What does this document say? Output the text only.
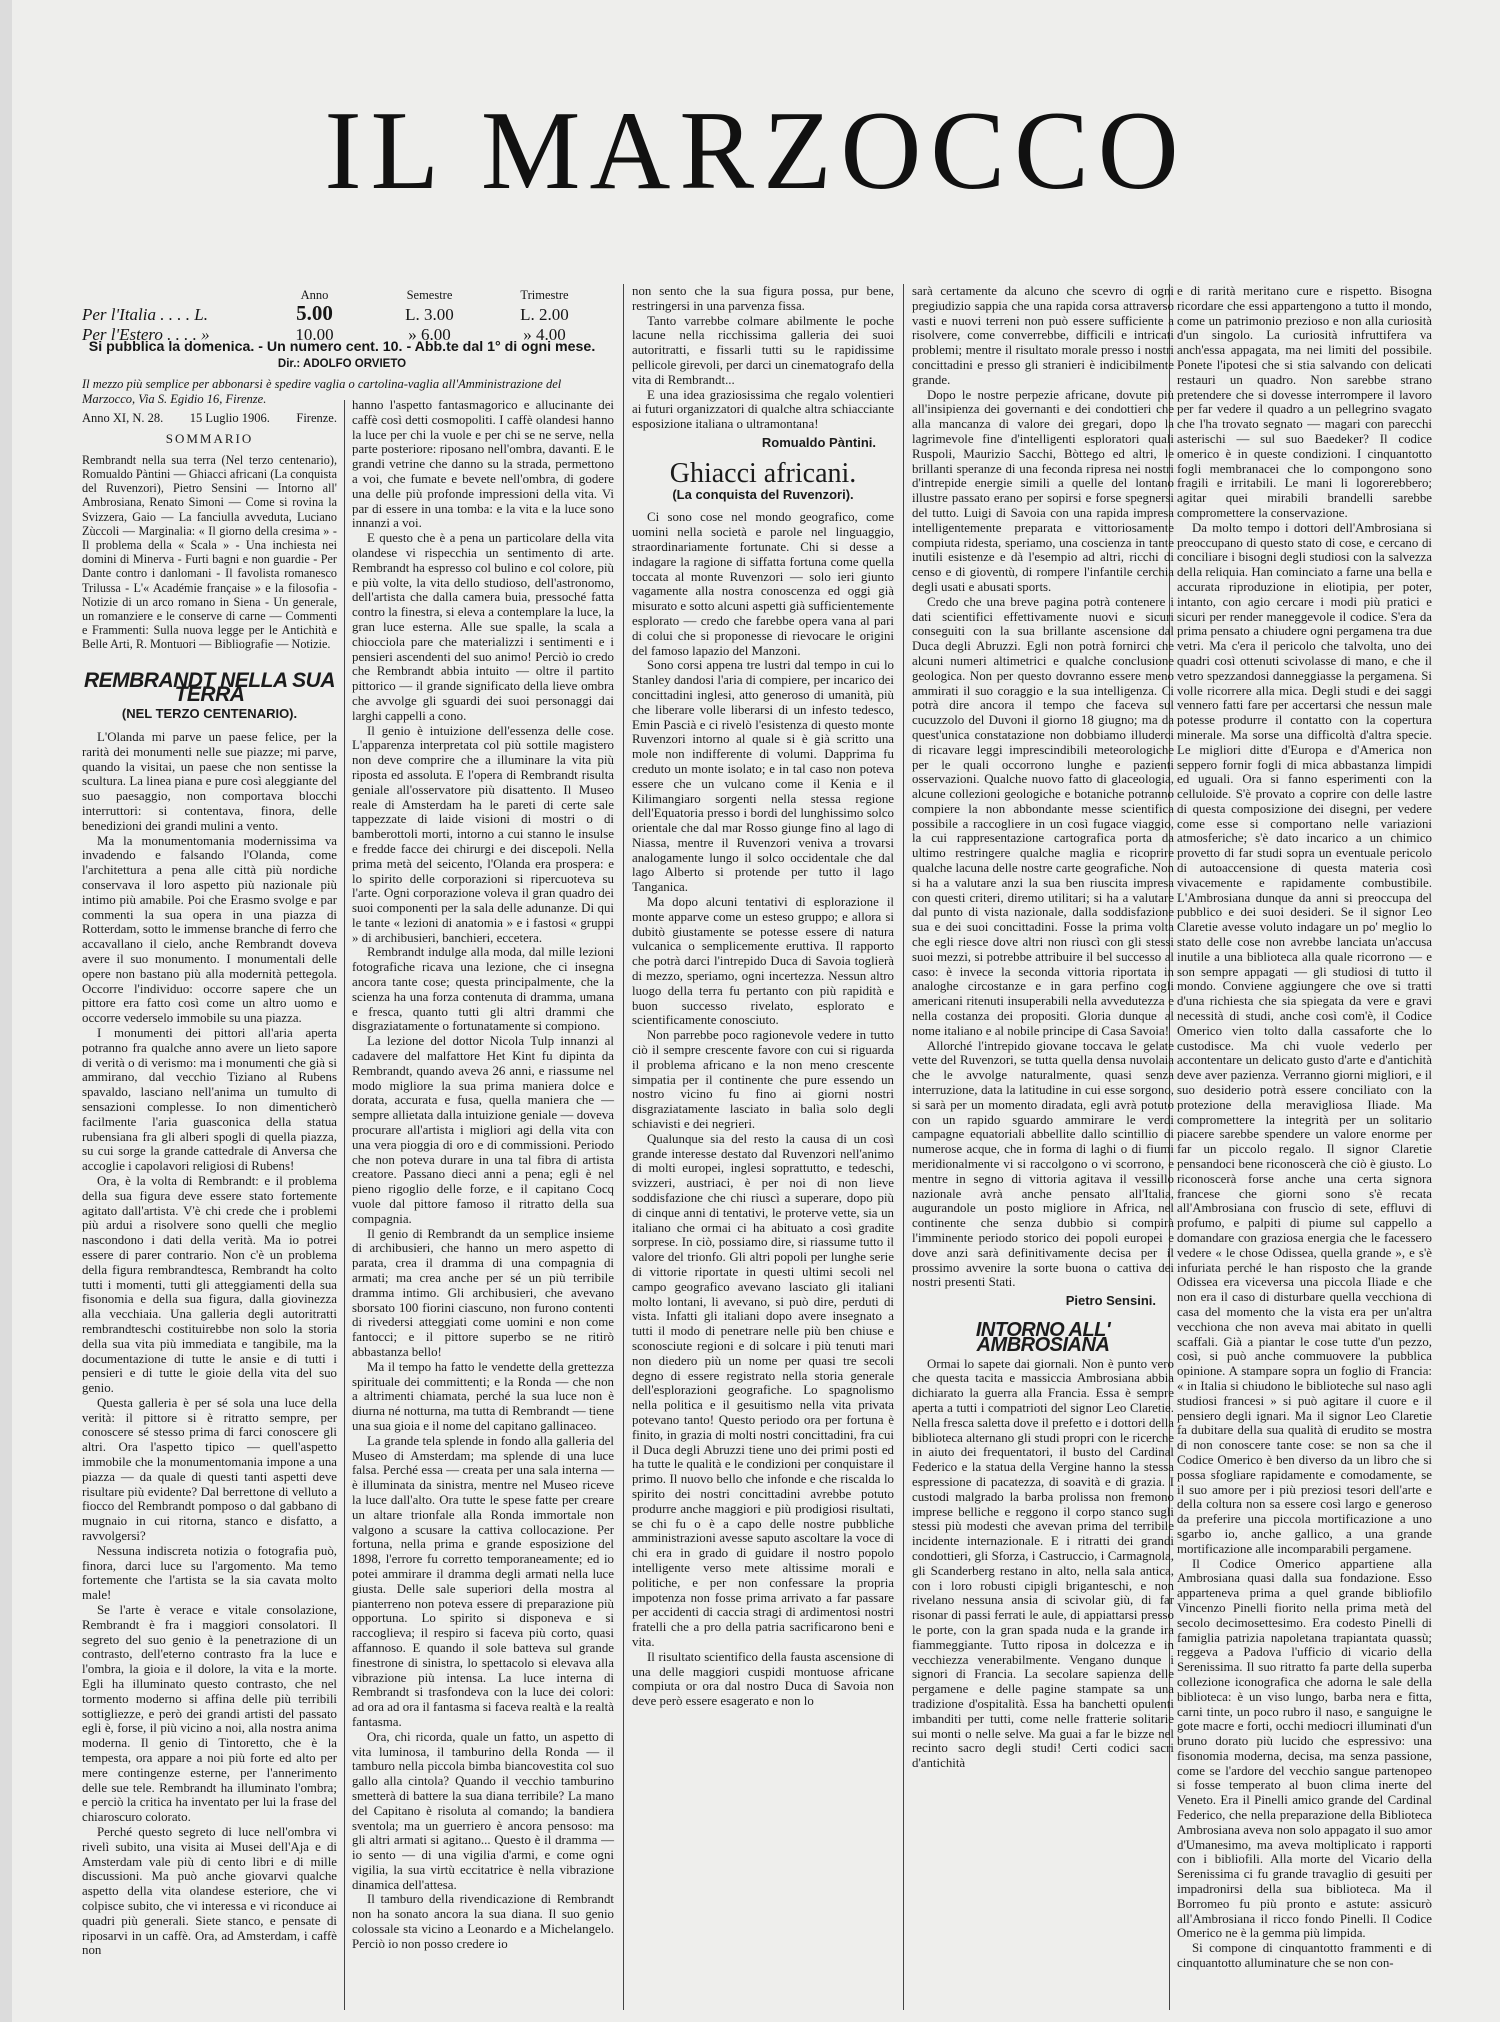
IL MARZOCCO
Anno	Semestre	Trimestre
Per l'Italia . . . . L.	5.00	L. 3.00	L. 2.00
Per l'Estero . . . . »	10.00	» 6.00	» 4.00
Si pubblica la domenica. - Un numero cent. 10. - Abb.te dal 1° di ogni mese.
Dir.: ADOLFO ORVIETO
Il mezzo più semplice per abbonarsi è spedire vaglia o cartolina-vaglia all'Amministrazione del Marzocco, Via S. Egidio 16, Firenze.
Anno XI, N. 28. 15 Luglio 1906. Firenze.
SOMMARIO
Rembrandt nella sua terra (Nel terzo centenario), Romualdo Pàntini — Ghiacci africani (La conquista del Ruvenzori), Pietro Sensini — Intorno all' Ambrosiana, Renato Simoni — Come si rovina la Svizzera, Gaio — La fanciulla avveduta, Luciano Zùccoli — Marginalia: « Il giorno della cresima » - Il problema della « Scala » - Una inchiesta nei domini di Minerva - Furti bagni e non guardie - Per Dante contro i danlomani - Il favolista romanesco Trilussa - L'« Académie française » e la filosofia - Notizie di un arco romano in Siena - Un generale, un romanziere e le conserve di carne — Commenti e Frammenti: Sulla nuova legge per le Antichità e Belle Arti, R. Montuori — Bibliografie — Notizie.
REMBRANDT NELLA SUA TERRA
(NEL TERZO CENTENARIO).

L'Olanda mi parve un paese felice, per la rarità dei monumenti nelle sue piazze; mi parve, quando la visitai, un paese che non sentisse la scultura. La linea piana e pure così aleggiante del suo paesaggio, non comportava blocchi interruttori: si contentava, finora, delle benedizioni dei grandi mulini a vento.

Ma la monumentomania modernissima va invadendo e falsando l'Olanda, come l'architettura a pena alle città più nordiche conservava il loro aspetto più nazionale più intimo più amabile. Poi che Erasmo svolge e par commenti la sua opera in una piazza di Rotterdam, sotto le immense branche di ferro che accavallano il cielo, anche Rembrandt doveva avere il suo monumento. I monumentali delle opere non bastano più alla modernità pettegola. Occorre l'individuo: occorre sapere che un pittore era fatto così come un altro uomo e occorre vederselo immobile su una piazza.

I monumenti dei pittori all'aria aperta potranno fra qualche anno avere un lieto sapore di verità o di verismo: ma i monumenti che già si ammirano, dal vecchio Tiziano al Rubens spavaldo, lasciano nell'anima un tumulto di sensazioni complesse. Io non dimenticherò facilmente l'aria guasconica della statua rubensiana fra gli alberi spogli di quella piazza, su cui sorge la grande cattedrale di Anversa che accoglie i capolavori religiosi di Rubens!

Ora, è la volta di Rembrandt: e il problema della sua figura deve essere stato fortemente agitato dall'artista. V'è chi crede che i problemi più ardui a risolvere sono quelli che meglio nascondono i dati della verità. Ma io potrei essere di parer contrario. Non c'è un problema della figura rembrandtesca, Rembrandt ha colto tutti i momenti, tutti gli atteggiamenti della sua fisonomia e della sua figura, dalla giovinezza alla vecchiaia. Una galleria degli autoritratti rembrandteschi costituirebbe non solo la storia della sua vita più immediata e tangibile, ma la documentazione di tutte le ansie e di tutti i pensieri e di tutte le gioie della vita del suo genio.

Questa galleria è per sé sola una luce della verità: il pittore si è ritratto sempre, per conoscere sé stesso prima di farci conoscere gli altri. Ora l'aspetto tipico — quell'aspetto immobile che la monumentomania impone a una piazza — da quale di questi tanti aspetti deve risultare più evidente? Dal berrettone di velluto a fiocco del Rembrandt pomposo o dal gabbano di mugnaio in cui ritorna, stanco e disfatto, a ravvolgersi?

Nessuna indiscreta notizia o fotografia può, finora, darci luce su l'argomento. Ma temo fortemente che l'artista se la sia cavata molto male!

Se l'arte è verace e vitale consolazione, Rembrandt è fra i maggiori consolatori. Il segreto del suo genio è la penetrazione di un contrasto, dell'eterno contrasto fra la luce e l'ombra, la gioia e il dolore, la vita e la morte. Egli ha illuminato questo contrasto, che nel tormento moderno si affina delle più terribili sottigliezze, e però dei grandi artisti del passato egli è, forse, il più vicino a noi, alla nostra anima moderna. Il genio di Tintoretto, che è la tempesta, ora appare a noi più forte ed alto per mere contingenze esterne, per l'annerimento delle sue tele. Rembrandt ha illuminato l'ombra; e perciò la critica ha inventato per lui la frase del chiaroscuro colorato.

Perché questo segreto di luce nell'ombra vi rivelì subito, una visita ai Musei dell'Aja e di Amsterdam vale più di cento libri e di mille discussioni. Ma può anche giovarvi qualche aspetto della vita olandese esteriore, che vi colpisce subito, che vi interessa e vi riconduce ai quadri più generali. Siete stanco, e pensate di riposarvi in un caffè. Ora, ad Amsterdam, i caffè non

hanno l'aspetto fantasmagorico e allucinante dei caffè così detti cosmopoliti. I caffè olandesi hanno la luce per chi la vuole e per chi se ne serve, nella parte posteriore: riposano nell'ombra, davanti. E le grandi vetrine che danno su la strada, permettono a voi, che fumate e bevete nell'ombra, di godere una delle più profonde impressioni della vita. Vi par di essere in una tomba: e la vita e la luce sono innanzi a voi.

E questo che è a pena un particolare della vita olandese vi rispecchia un sentimento di arte. Rembrandt ha espresso col bulino e col colore, più e più volte, la vita dello studioso, dell'astronomo, dell'artista che dalla camera buia, pressoché fatta contro la finestra, si eleva a contemplare la luce, la gran luce esterna. Alle sue spalle, la scala a chiocciola pare che materializzi i sentimenti e i pensieri ascendenti del suo animo! Perciò io credo che Rembrandt abbia intuito — oltre il partito pittorico — il grande significato della lieve ombra che avvolge gli sguardi dei suoi personaggi dai larghi cappelli a cono.

Il genio è intuizione dell'essenza delle cose. L'apparenza interpretata col più sottile magistero non deve comprire che a illuminare la vita più riposta ed assoluta. E l'opera di Rembrandt risulta geniale all'osservatore più disattento. Il Museo reale di Amsterdam ha le pareti di certe sale tappezzate di laide visioni di mostri o di bamberottoli morti, intorno a cui stanno le insulse e fredde facce dei chirurgi e dei discepoli. Nella prima metà del seicento, l'Olanda era prospera: e lo spirito delle corporazioni si ripercuoteva su l'arte. Ogni corporazione voleva il gran quadro dei suoi componenti per la sala delle adunanze. Di qui le tante « lezioni di anatomia » e i fastosi « gruppi » di archibusieri, banchieri, eccetera.

Rembrandt indulge alla moda, dal mille lezioni fotografiche ricava una lezione, che ci insegna ancora tante cose; questa principalmente, che la scienza ha una forza contenuta di dramma, umana e fresca, quanto tutti gli altri drammi che disgraziatamente o fortunatamente si compiono.

La lezione del dottor Nicola Tulp innanzi al cadavere del malfattore Het Kint fu dipinta da Rembrandt, quando aveva 26 anni, e riassume nel modo migliore la sua prima maniera dolce e dorata, accurata e fusa, quella maniera che — sempre allietata dalla intuizione geniale — doveva procurare all'artista i migliori agi della vita con una vera pioggia di oro e di commissioni. Periodo che non poteva durare in una tal fibra di artista creatore. Passano dieci anni a pena; egli è nel pieno rigoglio delle forze, e il capitano Cocq vuole dal pittore famoso il ritratto della sua compagnia.

Il genio di Rembrandt da un semplice insieme di archibusieri, che hanno un mero aspetto di parata, crea il dramma di una compagnia di armati; ma crea anche per sé un più terribile dramma intimo. Gli archibusieri, che avevano sborsato 100 fiorini ciascuno, non furono contenti di rivedersi atteggiati come uomini e non come fantocci; e il pittore superbo se ne ritirò abbastanza bello!

Ma il tempo ha fatto le vendette della grettezza spirituale dei committenti; e la Ronda — che non a altrimenti chiamata, perché la sua luce non è diurna né notturna, ma tutta di Rembrandt — tiene una sua gioia e il nome del capitano gallinaceo.

La grande tela splende in fondo alla galleria del Museo di Amsterdam; ma splende di una luce falsa. Perché essa — creata per una sala interna — è illuminata da sinistra, mentre nel Museo riceve la luce dall'alto. Ora tutte le spese fatte per creare un altare trionfale alla Ronda immortale non valgono a scusare la cattiva collocazione. Per fortuna, nella prima e grande esposizione del 1898, l'errore fu corretto temporaneamente; ed io potei ammirare il dramma degli armati nella luce giusta. Delle sale superiori della mostra al pianterreno non poteva essere di preparazione più opportuna. Lo spirito si disponeva e si raccoglieva; il respiro si faceva più corto, quasi affannoso. E quando il sole batteva sul grande finestrone di sinistra, lo spettacolo si elevava alla vibrazione più intensa. La luce interna di Rembrandt si trasfondeva con la luce dei colori: ad ora ad ora il fantasma si faceva realtà e la realtà fantasma.

Ora, chi ricorda, quale un fatto, un aspetto di vita luminosa, il tamburino della Ronda — il tamburo nella piccola bimba biancovestita col suo gallo alla cintola? Quando il vecchio tamburino smetterà di battere la sua diana terribile? La mano del Capitano è risoluta al comando; la bandiera sventola; ma un guerriero è ancora pensoso: ma gli altri armati si agitano... Questo è il dramma — io sento — di una vigilia d'armi, e come ogni vigilia, la sua virtù eccitatrice è nella vibrazione dinamica dell'attesa.

Il tamburo della rivendicazione di Rembrandt non ha sonato ancora la sua diana. Il suo genio colossale sta vicino a Leonardo e a Michelangelo. Perciò io non posso credere io

non sento che la sua figura possa, pur bene, restringersi in una parvenza fissa.

Tanto varrebbe colmare abilmente le poche lacune nella ricchissima galleria dei suoi autoritratti, e fissarli tutti su le rapidissime pellicole girevoli, per darci un cinematografo della vita di Rembrandt...

E una idea graziosissima che regalo volentieri ai futuri organizzatori di qualche altra schiacciante esposizione italiana o ultramontana!

Romualdo Pàntini.
Ghiacci africani.
(La conquista del Ruvenzori).

Ci sono cose nel mondo geografico, come uomini nella società e parole nel linguaggio, straordinariamente fortunate. Chi si desse a indagare la ragione di siffatta fortuna come quella toccata al monte Ruvenzori — solo ieri giunto vagamente alla nostra conoscenza ed oggi già misurato e sotto alcuni aspetti già sufficientemente esplorato — credo che farebbe opera vana al pari di colui che si proponesse di rievocare le origini del famoso lapazio del Manzoni.

Sono corsi appena tre lustri dal tempo in cui lo Stanley dandosi l'aria di compiere, per incarico dei concittadini inglesi, atto generoso di umanità, più che liberare volle liberarsi di un infesto tedesco, Emin Pascià e ci rivelò l'esistenza di questo monte Ruvenzori intorno al quale si è già scritto una mole non indifferente di volumi. Dapprima fu creduto un monte isolato; e in tal caso non poteva essere che un vulcano come il Kenia e il Kilimangiaro sorgenti nella stessa regione dell'Equatoria presso i bordi del lunghissimo solco orientale che dal mar Rosso giunge fino al lago di Niassa, mentre il Ruvenzori veniva a trovarsi analogamente lungo il solco occidentale che dal lago Alberto si protende per tutto il lago Tanganica.

Ma dopo alcuni tentativi di esplorazione il monte apparve come un esteso gruppo; e allora si dubitò giustamente se potesse essere di natura vulcanica o semplicemente eruttiva. Il rapporto che potrà darci l'intrepido Duca di Savoia toglierà di mezzo, speriamo, ogni incertezza. Nessun altro luogo della terra fu pertanto con più rapidità e buon successo rivelato, esplorato e scientificamente conosciuto.

Non parrebbe poco ragionevole vedere in tutto ciò il sempre crescente favore con cui si riguarda il problema africano e la non meno crescente simpatia per il continente che pure essendo un nostro vicino fu fino ai giorni nostri disgraziatamente lasciato in balìa solo degli schiavisti e dei negrieri.

Qualunque sia del resto la causa di un così grande interesse destato dal Ruvenzori nell'animo di molti europei, inglesi soprattutto, e tedeschi, svizzeri, austriaci, è per noi di non lieve soddisfazione che chi riuscì a superare, dopo più di cinque anni di tentativi, le proterve vette, sia un italiano che ormai ci ha abituato a così gradite sorprese. In ciò, possiamo dire, si riassume tutto il valore del trionfo. Gli altri popoli per lunghe serie di vittorie riportate in questi ultimi secoli nel campo geografico avevano lasciato gli italiani molto lontani, li avevano, si può dire, perduti di vista. Infatti gli italiani dopo avere insegnato a tutti il modo di penetrare nelle più ben chiuse e sconosciute regioni e di solcare i più tenuti mari non diedero più un nome per quasi tre secoli degno di essere registrato nella storia generale dell'esplorazioni geografiche. Lo spagnolismo nella politica e il gesuitismo nella vita privata potevano tanto! Questo periodo ora per fortuna è finito, in grazia di molti nostri concittadini, fra cui il Duca degli Abruzzi tiene uno dei primi posti ed ha tutte le qualità e le condizioni per conquistare il primo. Il nuovo bello che infonde e che riscalda lo spirito dei nostri concittadini avrebbe potuto produrre anche maggiori e più prodigiosi risultati, se chi fu o è a capo delle nostre pubbliche amministrazioni avesse saputo ascoltare la voce di chi era in grado di guidare il nostro popolo intelligente verso mete altissime morali e politiche, e per non confessare la propria impotenza non fosse prima arrivato a far passare per accidenti di caccia stragi di ardimentosi nostri fratelli che a pro della patria sacrificarono beni e vita.

Il risultato scientifico della fausta ascensione di una delle maggiori cuspidi montuose africane compiuta or ora dal nostro Duca di Savoia non deve però essere esagerato e non lo

sarà certamente da alcuno che scevro di ogni pregiudizio sappia che una rapida corsa attraverso vasti e nuovi terreni non può essere sufficiente a risolvere, come converrebbe, difficili e intricati problemi; mentre il risultato morale presso i nostri concittadini e presso gli stranieri è indicibilmente grande.

Dopo le nostre perpezie africane, dovute più all'insipienza dei governanti e dei condottieri che alla mancanza di valore dei gregari, dopo la lagrimevole fine d'intelligenti esploratori quali Ruspoli, Maurizio Sacchi, Bòttego ed altri, le brillanti speranze di una feconda ripresa nei nostri d'intrepide energie simili a quelle del lontano illustre passato erano per sopirsi e forse spegnersi del tutto. Luigi di Savoia con una rapida impresa intelligentemente preparata e vittoriosamente compiuta ridesta, speriamo, una coscienza in tante inutili esistenze e dà l'esempio ad altri, ricchi di censo e di gioventù, di rompere l'infantile cerchia degli usati e abusati sports.

Credo che una breve pagina potrà contenere i dati scientifici effettivamente nuovi e sicuri conseguiti con la sua brillante ascensione dal Duca degli Abruzzi. Egli non potrà fornirci che alcuni numeri altimetrici e qualche conclusione geologica. Non per questo dovranno essere meno ammirati il suo coraggio e la sua intelligenza. Ci potrà dire ancora il tempo che faceva sul cucuzzolo del Duvoni il giorno 18 giugno; ma da quest'unica constatazione non dobbiamo illuderci di ricavare leggi imprescindibili meteorologiche per le quali occorrono lunghe e pazienti osservazioni. Qualche nuovo fatto di glaceologia, alcune collezioni geologiche e botaniche potranno compiere la non abbondante messe scientifica possibile a raccogliere in un così fugace viaggio, la cui rappresentazione cartografica porta da ultimo restringere qualche maglia e ricoprire qualche lacuna delle nostre carte geografiche. Non si ha a valutare anzi la sua ben riuscita impresa con questi criteri, diremo utilitari; si ha a valutare dal punto di vista nazionale, dalla soddisfazione sua e dei suoi concittadini. Fosse la prima volta che egli riesce dove altri non riuscì con gli stessi suoi mezzi, si potrebbe attribuire il bel successo al caso: è invece la seconda vittoria riportata in analoghe circostanze e in gara perfino cogli americani ritenuti insuperabili nella avvedutezza e nella costanza dei propositi. Gloria dunque al nome italiano e al nobile principe di Casa Savoia!

Allorché l'intrepido giovane toccava le gelate vette del Ruvenzori, se tutta quella densa nuvolaia che le avvolge naturalmente, quasi senza interruzione, data la latitudine in cui esse sorgono, si sarà per un momento diradata, egli avrà potuto con un rapido sguardo ammirare le verdi campagne equatoriali abbellite dallo scintillio di numerose acque, che in forma di laghi o di fiumi meridionalmente vi si raccolgono o vi scorrono, e mentre in segno di vittoria agitava il vessillo nazionale avrà anche pensato all'Italia, augurandole un posto migliore in Africa, nel continente che senza dubbio si compirà l'imminente periodo storico dei popoli europei e dove anzi sarà definitivamente decisa per il prossimo avvenire la sorte buona o cattiva dei nostri presenti Stati.

Pietro Sensini.
INTORNO ALL' AMBROSIANA

Ormai lo sapete dai giornali. Non è punto vero che questa tacita e massiccia Ambrosiana abbia dichiarato la guerra alla Francia. Essa è sempre aperta a tutti i compatrioti del signor Leo Claretie. Nella fresca saletta dove il prefetto e i dottori della biblioteca alternano gli studi propri con le ricerche in aiuto dei frequentatori, il busto del Cardinal Federico e la statua della Vergine hanno la stessa espressione di pacatezza, di soavità e di grazia. I custodi malgrado la barba prolissa non fremono imprese belliche e reggono il corpo stanco sugli stessi più modesti che avevan prima del terribile incidente internazionale. E i ritratti dei grandi condottieri, gli Sforza, i Castruccio, i Carmagnola, gli Scanderberg restano in alto, nella sala antica, con i loro robusti cipigli briganteschi, e non rivelano nessuna ansia di scivolar giù, di far risonar di passi ferrati le aule, di appiattarsi presso le porte, con la gran spada nuda e la grande ira fiammeggiante. Tutto riposa in dolcezza e in vecchiezza venerabilmente. Vengano dunque i signori di Francia. La secolare sapienza delle pergamene e delle pagine stampate sa una tradizione d'ospitalità. Essa ha banchetti opulenti imbanditi per tutti, come nelle fratterie solitarie sui monti o nelle selve. Ma guai a far le bizze nel recinto sacro degli studi! Certi codici sacri d'antichità

e di rarità meritano cure e rispetto. Bisogna ricordare che essi appartengono a tutto il mondo, come un patrimonio prezioso e non alla curiosità d'un singolo. La curiosità infruttifera va anch'essa appagata, ma nei limiti del possibile. Ponete l'ipotesi che si stia salvando con delicati restauri un quadro. Non sarebbe strano pretendere che si dovesse interrompere il lavoro per far vedere il quadro a un pellegrino svagato che l'ha trovato segnato — magari con parecchi asterischi — sul suo Baedeker? Il codice omerico è in queste condizioni. I cinquantotto fogli membranacei che lo compongono sono fragili e irritabili. Le mani li logorerebbero; agitar quei mirabili brandelli sarebbe compromettere la conservazione.

Da molto tempo i dottori dell'Ambrosiana si preoccupano di questo stato di cose, e cercano di conciliare i bisogni degli studiosi con la salvezza della reliquia. Han cominciato a farne una bella e accurata riproduzione in eliotipia, per poter, intanto, con agio cercare i modi più pratici e sicuri per render maneggevole il codice. S'era da prima pensato a chiudere ogni pergamena tra due vetri. Ma c'era il pericolo che talvolta, uno dei quadri così ottenuti scivolasse di mano, e che il vetro spezzandosi danneggiasse la pergamena. Si volle ricorrere alla mica. Degli studi e dei saggi vennero fatti fare per accertarsi che nessun male potesse produrre il contatto con la copertura minerale. Ma sorse una difficoltà d'altra specie. Le migliori ditte d'Europa e d'America non seppero fornir fogli di mica abbastanza limpidi ed uguali. Ora si fanno esperimenti con la celluloide. S'è provato a coprire con delle lastre di questa composizione dei disegni, per vedere come esse si comportano nelle variazioni atmosferiche; s'è dato incarico a un chimico provetto di far studi sopra un eventuale pericolo di autoaccensione di questa materia così vivacemente e rapidamente combustibile. L'Ambrosiana dunque da anni si preoccupa del pubblico e dei suoi desideri. Se il signor Leo Claretie avesse voluto indagare un po' meglio lo stato delle cose non avrebbe lanciata un'accusa inutile a una biblioteca alla quale ricorrono — e son sempre appagati — gli studiosi di tutto il mondo. Conviene aggiungere che ove si tratti d'una richiesta che sia spiegata da vere e gravi necessità di studi, anche così com'è, il Codice Omerico vien tolto dalla cassaforte che lo custodisce. Ma chi vuole vederlo per accontentare un delicato gusto d'arte e d'antichità deve aver pazienza. Verranno giorni migliori, e il suo desiderio potrà essere conciliato con la protezione della meravigliosa Iliade. Ma compromettere la integrità per un solitario piacere sarebbe spendere un valore enorme per far un piccolo regalo. Il signor Claretie pensandoci bene riconoscerà che ciò è giusto. Lo riconoscerà forse anche una certa signora francese che giorni sono s'è recata all'Ambrosiana con fruscìo di sete, effluvi di profumo, e palpiti di piume sul cappello a domandare con graziosa energia che le facessero vedere « le chose Odissea, quella grande », e s'è infuriata perché le han risposto che la grande Odissea era viceversa una piccola Iliade e che non era il caso di disturbare quella vecchiona di casa del momento che la vista era per un'altra vecchiona che non aveva mai abitato in quelli scaffali. Già a piantar le cose tutte d'un pezzo, così, si può anche commuovere la pubblica opinione. A stampare sopra un foglio di Francia: « in Italia si chiudono le biblioteche sul naso agli studiosi francesi » si può agitare il cuore e il pensiero degli ignari. Ma il signor Leo Claretie fa dubitare della sua qualità di erudito se mostra di non conoscere tante cose: se non sa che il Codice Omerico è ben diverso da un libro che si possa sfogliare rapidamente e comodamente, se il suo amore per i più preziosi tesori dell'arte e della coltura non sa essere così largo e generoso da preferire una piccola mortificazione a uno sgarbo io, anche gallico, a una grande mortificazione alle incomparabili pergamene.

Il Codice Omerico appartiene alla Ambrosiana quasi dalla sua fondazione. Esso apparteneva prima a quel grande bibliofilo Vincenzo Pinelli fiorito nella prima metà del secolo decimosettesimo. Era codesto Pinelli di famiglia patrizia napoletana trapiantata quassù; reggeva a Padova l'ufficio di vicario della Serenissima. Il suo ritratto fa parte della superba collezione iconografica che adorna le sale della biblioteca: è un viso lungo, barba nera e fitta, carni tinte, un poco rubro il naso, e sanguigne le gote macre e forti, occhi mediocri illuminati d'un bruno dorato più lucido che espressivo: una fisonomia moderna, decisa, ma senza passione, come se l'ardore del vecchio sangue partenopeo si fosse temperato al buon clima inerte del Veneto. Era il Pinelli amico grande del Cardinal Federico, che nella preparazione della Biblioteca Ambrosiana aveva non solo appagato il suo amor d'Umanesimo, ma aveva moltiplicato i rapporti con i bibliofili. Alla morte del Vicario della Serenissima ci fu grande travaglio di gesuiti per impadronirsi della sua biblioteca. Ma il Borromeo fu più pronto e astute: assicurò all'Ambrosiana il ricco fondo Pinelli. Il Codice Omerico ne è la gemma più limpida.

Si compone di cinquantotto frammenti e di cinquantotto alluminature che se non con-
